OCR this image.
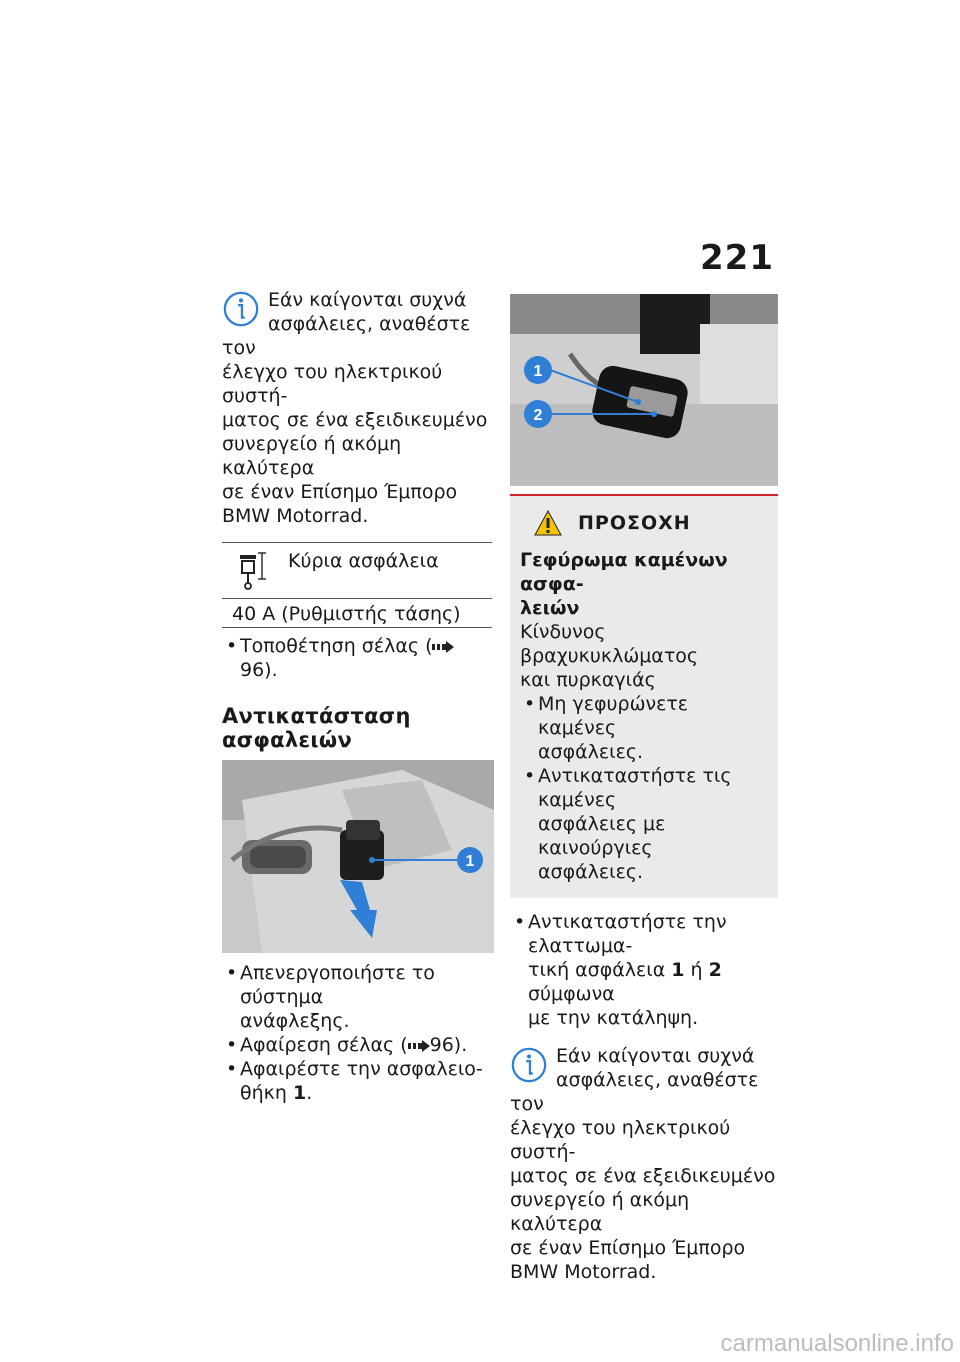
221

Εάν καίγονται συχνά

ασφάλειες, αναθέστε τον

έλεγχο του ηλεκτρικού συστή-

ματος σε ένα εξειδικευμένο

συνεργείο ή ακόμη καλύτερα

σε έναν Επίσημο Έμπορο

BMW Motorrad.

Κύρια ασφάλεια
40 A (Ρυθμιστής τάσης)

• Τοποθέτηση σέλας (96).

Αντικατάσταση ασφαλειών
1

• Απενεργοποιήστε το σύστημα
ανάφλεξης.

• Αφαίρεση σέλας ( 96).

• Αφαιρέστε την ασφαλειο-
θήκη 1.

1
2
ΠΡΟΣΟΧΗ

Γεφύρωμα καμένων ασφα-
λειών

Κίνδυνος βραχυκυκλώματος
και πυρκαγιάς

• Μη γεφυρώνετε καμένες
ασφάλειες.

• Αντικαταστήστε τις καμένες
ασφάλειες με καινούργιες
ασφάλειες.

• Αντικαταστήστε την ελαττωμα-
τική ασφάλεια 1 ή 2 σύμφωνα
με την κατάληψη.

Εάν καίγονται συχνά

ασφάλειες, αναθέστε τον

έλεγχο του ηλεκτρικού συστή-

ματος σε ένα εξειδικευμένο

συνεργείο ή ακόμη καλύτερα

σε έναν Επίσημο Έμπορο

BMW Motorrad.

carmanualsonline.info
